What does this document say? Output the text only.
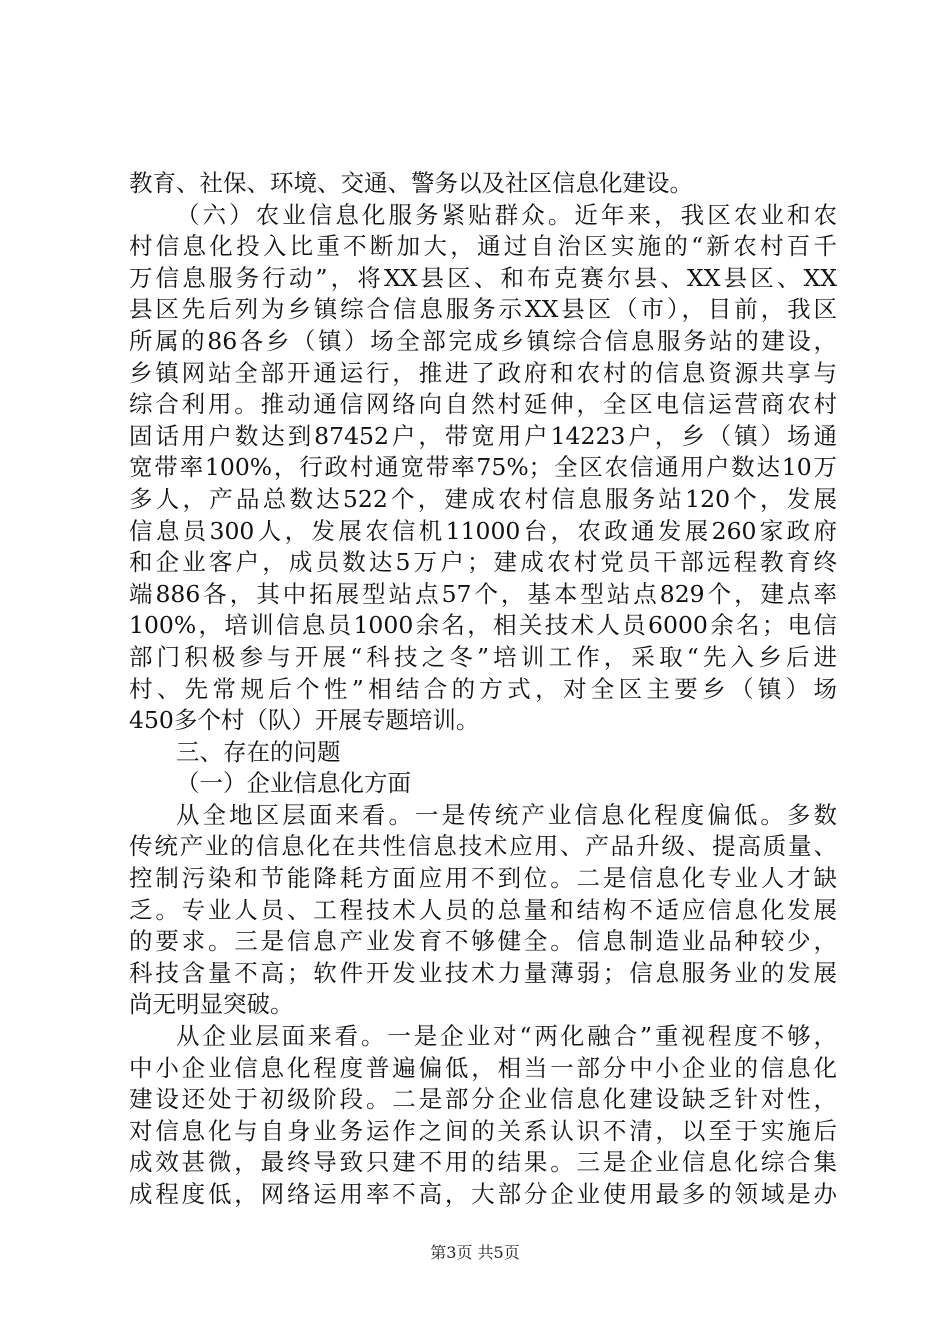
教育、社保、环境、交通、警务以及社区信息化建设。
（六）农业信息化服务紧贴群众。近年来，我区农业和农
村信息化投入比重不断加大，通过自治区实施的“新农村百千
万信息服务行动”，将XX县区、和布克赛尔县、XX县区、XX
县区先后列为乡镇综合信息服务示XX县区（市），目前，我区
所属的86各乡（镇）场全部完成乡镇综合信息服务站的建设，
乡镇网站全部开通运行，推进了政府和农村的信息资源共享与
综合利用。推动通信网络向自然村延伸，全区电信运营商农村
固话用户数达到87452户，带宽用户14223户，乡（镇）场通
宽带率100%，行政村通宽带率75%；全区农信通用户数达10万
多人，产品总数达522个，建成农村信息服务站120个，发展
信息员300人，发展农信机11000台，农政通发展260家政府
和企业客户，成员数达5万户；建成农村党员干部远程教育终
端886各，其中拓展型站点57个，基本型站点829个，建点率
100%，培训信息员1000余名，相关技术人员6000余名；电信
部门积极参与开展“科技之冬”培训工作，采取“先入乡后进
村、先常规后个性”相结合的方式，对全区主要乡（镇）场
450多个村（队）开展专题培训。
三、存在的问题
（一）企业信息化方面
从全地区层面来看。一是传统产业信息化程度偏低。多数
传统产业的信息化在共性信息技术应用、产品升级、提高质量、
控制污染和节能降耗方面应用不到位。二是信息化专业人才缺
乏。专业人员、工程技术人员的总量和结构不适应信息化发展
的要求。三是信息产业发育不够健全。信息制造业品种较少，
科技含量不高；软件开发业技术力量薄弱；信息服务业的发展
尚无明显突破。
从企业层面来看。一是企业对“两化融合”重视程度不够，
中小企业信息化程度普遍偏低，相当一部分中小企业的信息化
建设还处于初级阶段。二是部分企业信息化建设缺乏针对性，
对信息化与自身业务运作之间的关系认识不清，以至于实施后
成效甚微，最终导致只建不用的结果。三是企业信息化综合集
成程度低，网络运用率不高，大部分企业使用最多的领域是办
第3页 共5页
